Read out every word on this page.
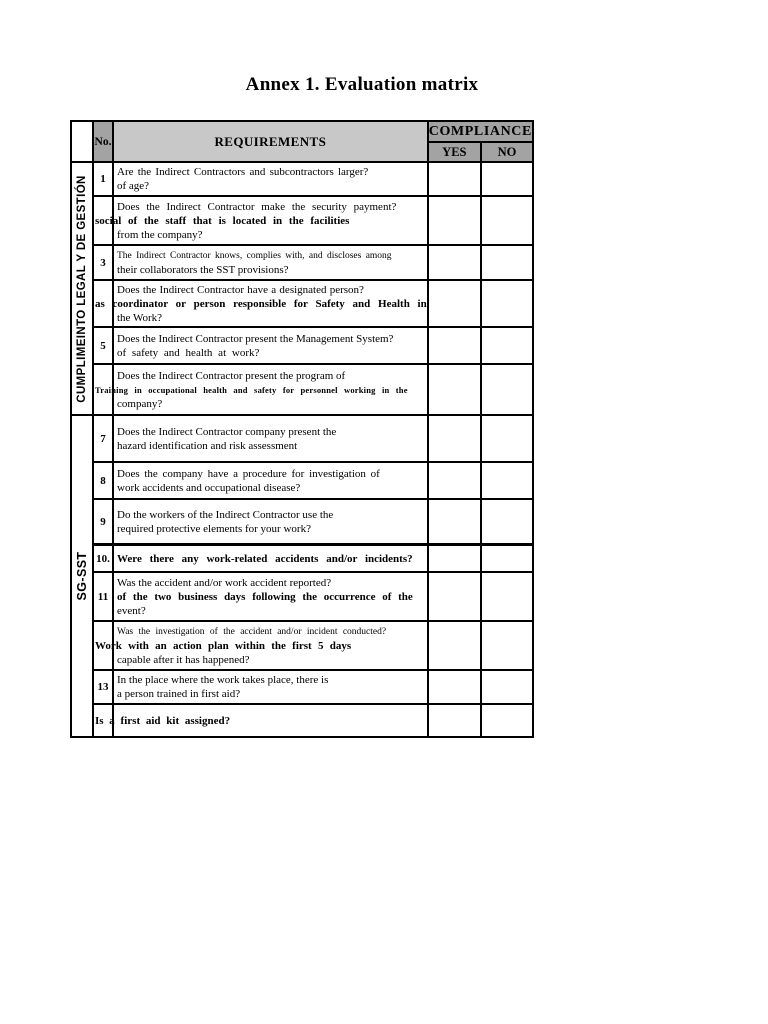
Annex 1. Evaluation matrix
	No.	REQUIREMENTS	COMPLIANCE	
			YES	NO

CUMPLIMEINTO LEGAL Y DE GESTIÓN	1	Are the Indirect Contractors and subcontractors larger?
of age?		

		Does the Indirect Contractor make the security payment?
social of the staff that is located in the facilities
from the company?		

	3	The Indirect Contractor knows, complies with, and discloses among
their collaborators the SST provisions?		

		Does the Indirect Contractor have a designated person?
as coordinator or person responsible for Safety and Health in
the Work?		

	5	Does the Indirect Contractor present the Management System?
of safety and health at work?		

		Does the Indirect Contractor present the program of
Training in occupational health and safety for personnel working in the
company?		

SG-SST	7	Does the Indirect Contractor company present the
hazard identification and risk assessment		

	8	Does the company have a procedure for investigation of
work accidents and occupational disease?		

	9	Do the workers of the Indirect Contractor use the
required protective elements for your work?		

	10.	Were there any work-related accidents and/or incidents?		

	11	Was the accident and/or work accident reported?
of the two business days following the occurrence of the
event?		

		Was the investigation of the accident and/or incident conducted?
Work with an action plan within the first 5 days
capable after it has happened?		

	13	In the place where the work takes place, there is
a person trained in first aid?		

		Is a first aid kit assigned?		
